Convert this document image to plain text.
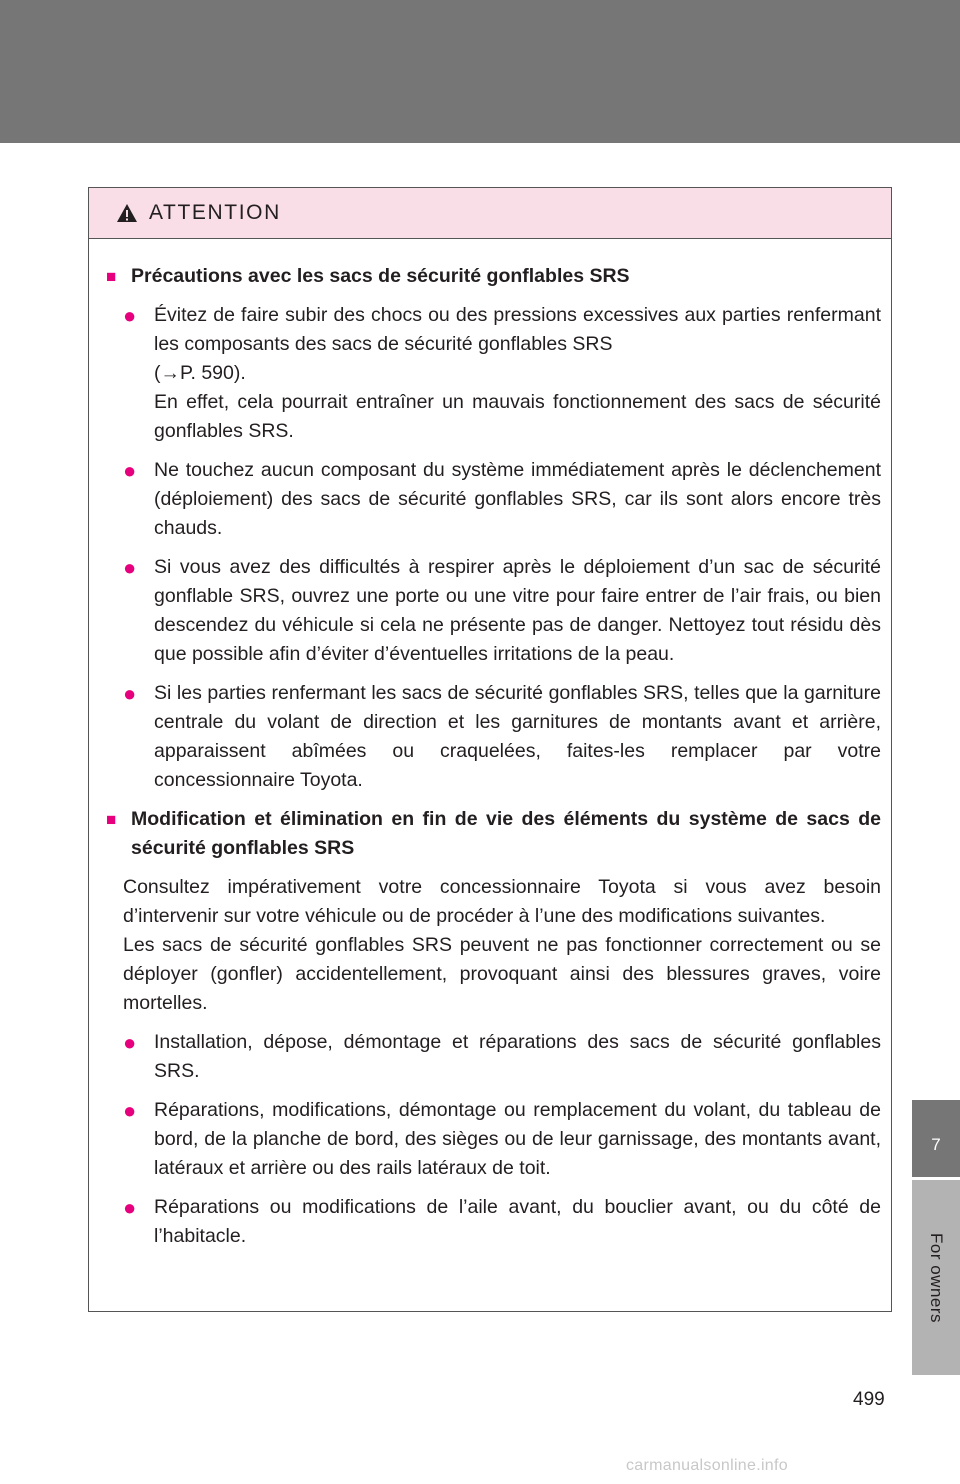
7
For owners
ATTENTION
■ Précautions avec les sacs de sécurité gonflables SRS
● Évitez de faire subir des chocs ou des pressions excessives aux parties renfermant les composants des sacs de sécurité gonflables SRS
(→P. 590).
En effet, cela pourrait entraîner un mauvais fonctionnement des sacs de sécurité gonflables SRS.
● Ne touchez aucun composant du système immédiatement après le déclenchement (déploiement) des sacs de sécurité gonflables SRS, car ils sont alors encore très chauds.
● Si vous avez des difficultés à respirer après le déploiement d’un sac de sécurité gonflable SRS, ouvrez une porte ou une vitre pour faire entrer de l’air frais, ou bien descendez du véhicule si cela ne présente pas de danger. Nettoyez tout résidu dès que possible afin d’éviter d’éventuelles irritations de la peau.
● Si les parties renfermant les sacs de sécurité gonflables SRS, telles que la garniture centrale du volant de direction et les garnitures de montants avant et arrière, apparaissent abîmées ou craquelées, faites-les remplacer par votre concessionnaire Toyota.
■ Modification et élimination en fin de vie des éléments du système de sacs de sécurité gonflables SRS
Consultez impérativement votre concessionnaire Toyota si vous avez besoin d’intervenir sur votre véhicule ou de procéder à l’une des modifications suivantes.
Les sacs de sécurité gonflables SRS peuvent ne pas fonctionner correctement ou se déployer (gonfler) accidentellement, provoquant ainsi des blessures graves, voire mortelles.
● Installation, dépose, démontage et réparations des sacs de sécurité gonflables SRS.
● Réparations, modifications, démontage ou remplacement du volant, du tableau de bord, de la planche de bord, des sièges ou de leur garnissage, des montants avant, latéraux et arrière ou des rails latéraux de toit.
● Réparations ou modifications de l’aile avant, du bouclier avant, ou du côté de l’habitacle.
499
carmanualsonline.info
